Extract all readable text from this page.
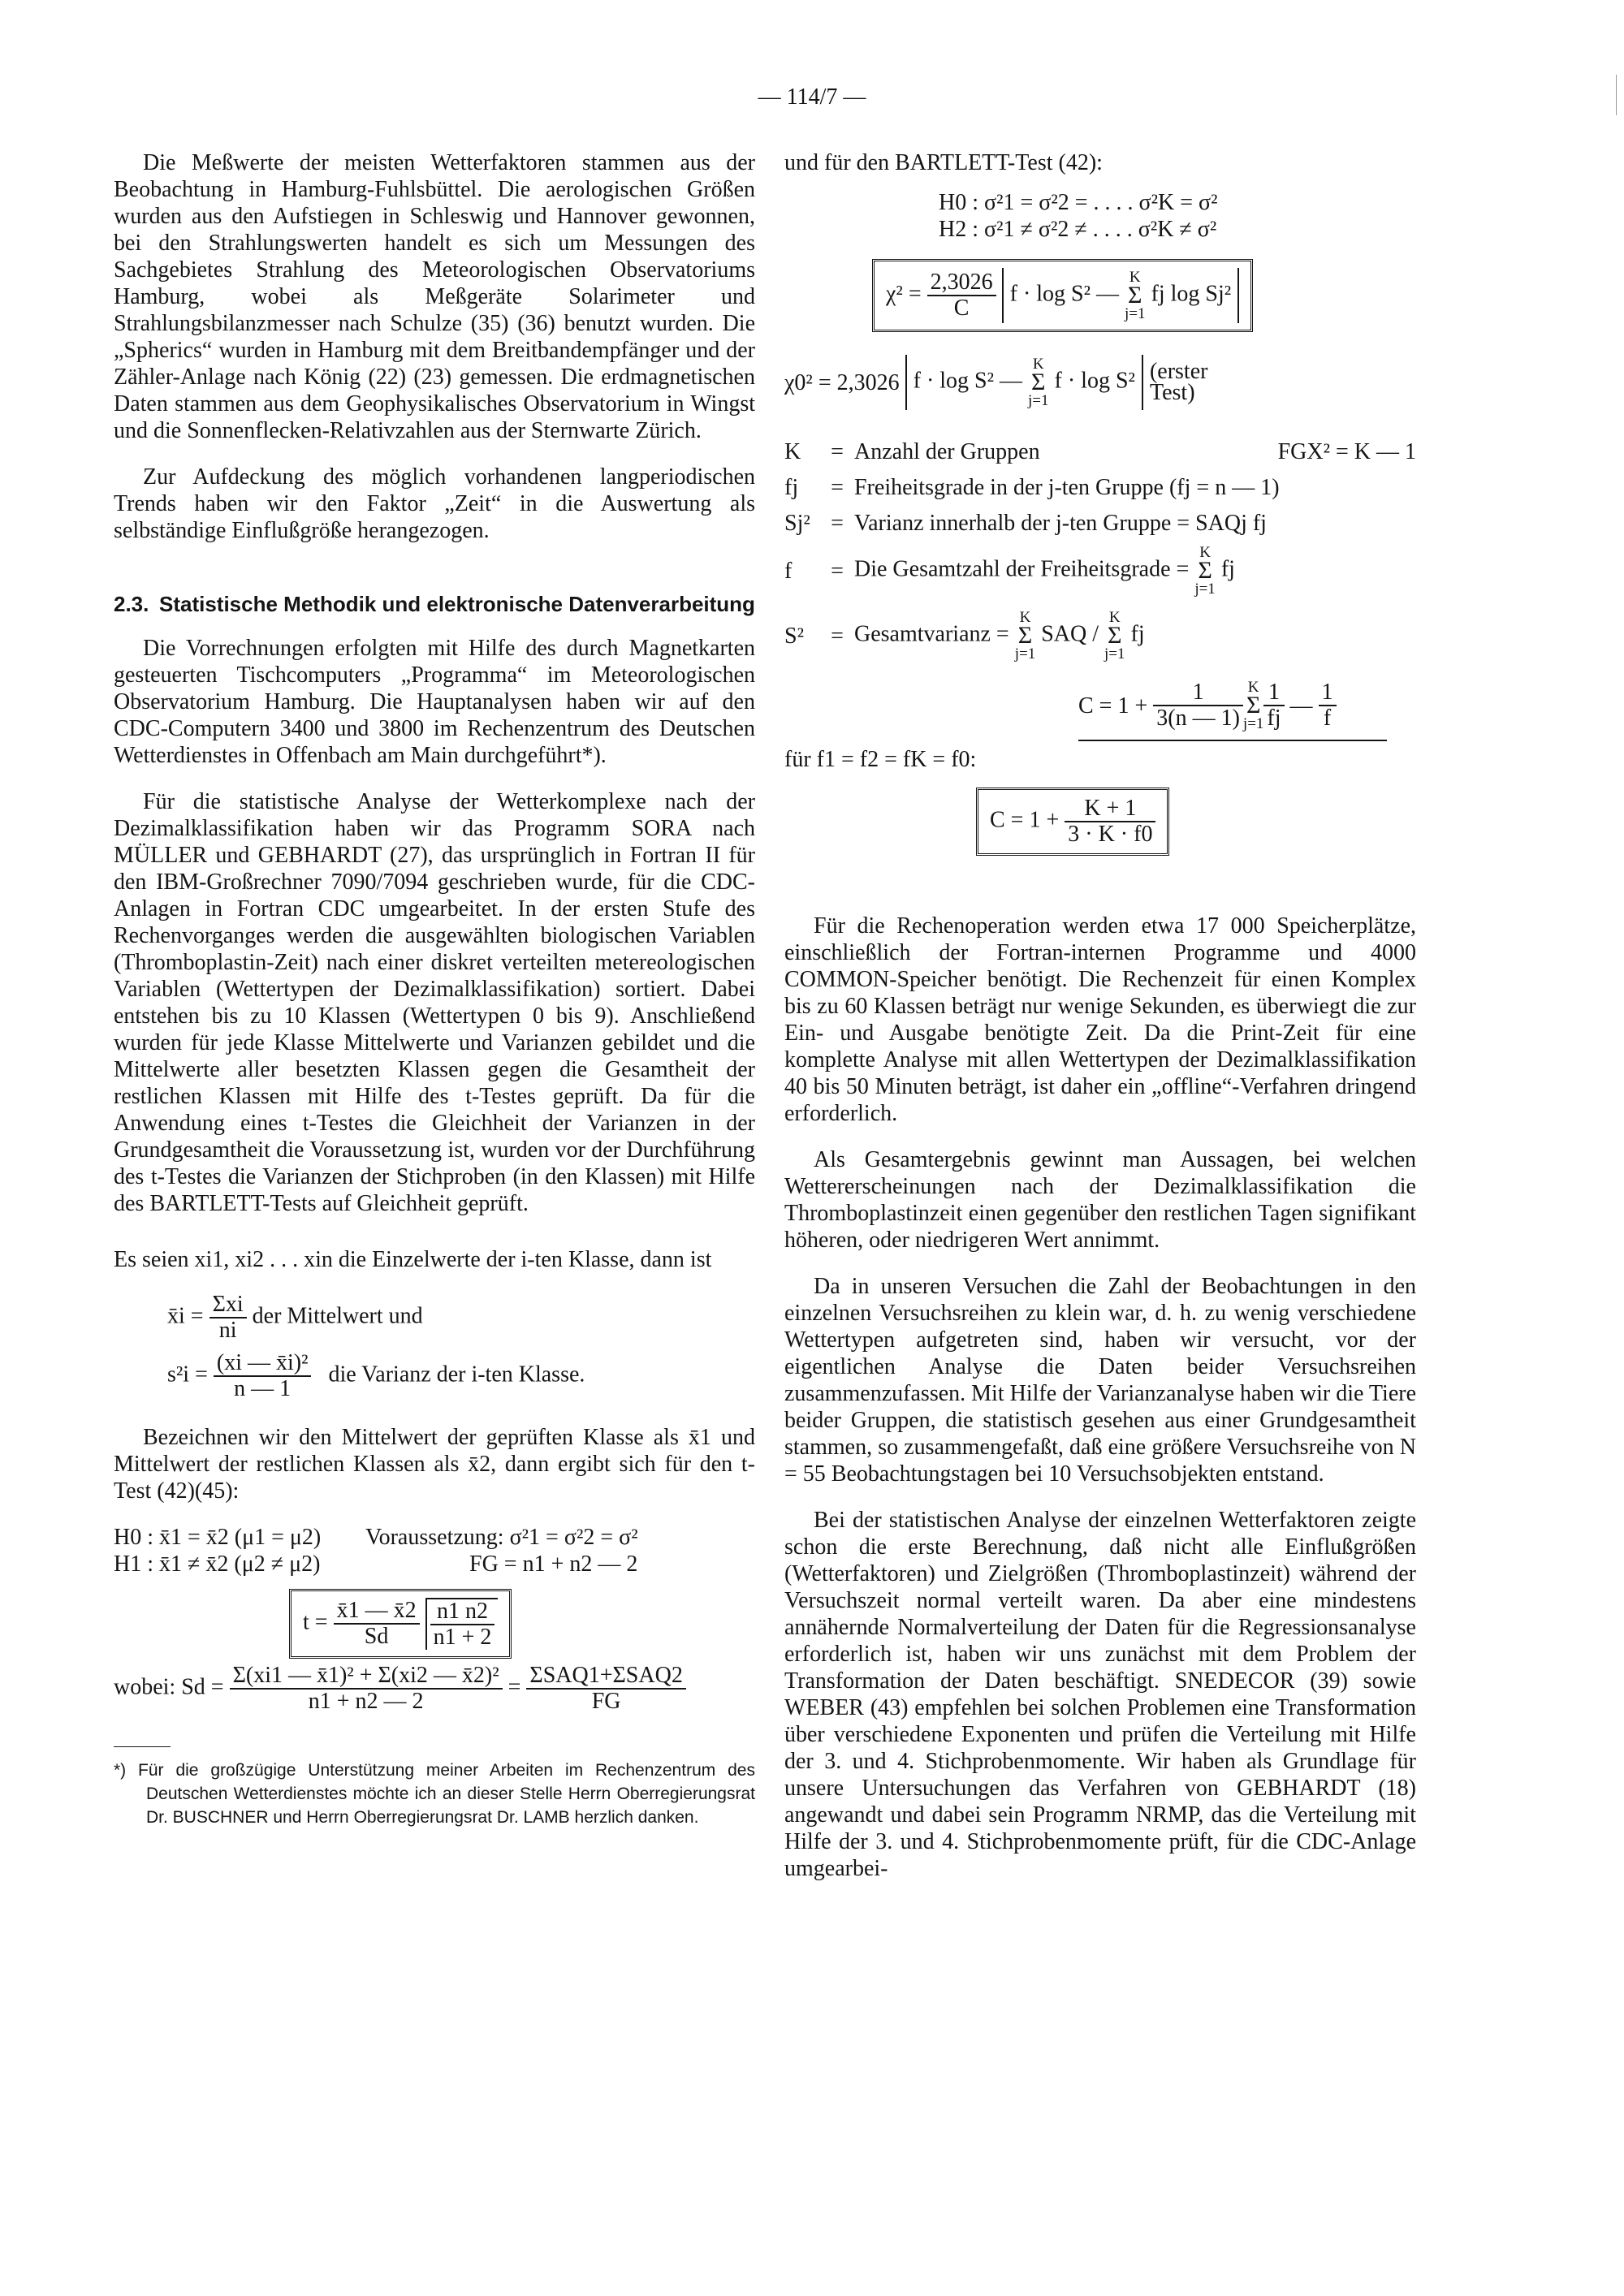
— 114/7 —

Die Meßwerte der meisten Wetterfaktoren stammen aus der Beobachtung in Hamburg-Fuhlsbüttel. Die aerologischen Größen wurden aus den Aufstiegen in Schleswig und Hannover gewonnen, bei den Strahlungswerten handelt es sich um Messungen des Sachgebietes Strahlung des Meteorologischen Observatoriums Hamburg, wobei als Meßgeräte Solarimeter und Strahlungsbilanzmesser nach Schulze (35) (36) benutzt wurden. Die „Spherics“ wurden in Hamburg mit dem Breitbandempfänger und der Zähler-Anlage nach König (22) (23) gemessen. Die erdmagnetischen Daten stammen aus dem Geophysikalisches Observatorium in Wingst und die Sonnenflecken-Relativzahlen aus der Sternwarte Zürich.

Zur Aufdeckung des möglich vorhandenen langperiodischen Trends haben wir den Faktor „Zeit“ in die Auswertung als selbständige Einflußgröße herangezogen.

2.3. Statistische Methodik und elektronische Datenverarbeitung

Die Vorrechnungen erfolgten mit Hilfe des durch Magnetkarten gesteuerten Tischcomputers „Programma“ im Meteorologischen Observatorium Hamburg. Die Hauptanalysen haben wir auf den CDC-Computern 3400 und 3800 im Rechenzentrum des Deutschen Wetterdienstes in Offenbach am Main durchgeführt*).

Für die statistische Analyse der Wetterkomplexe nach der Dezimalklassifikation haben wir das Programm SORA nach MÜLLER und GEBHARDT (27), das ursprünglich in Fortran II für den IBM-Großrechner 7090/7094 geschrieben wurde, für die CDC-Anlagen in Fortran CDC umgearbeitet. In der ersten Stufe des Rechenvorganges werden die ausgewählten biologischen Variablen (Thromboplastin-Zeit) nach einer diskret verteilten metereologischen Variablen (Wettertypen der Dezimalklassifikation) sortiert. Dabei entstehen bis zu 10 Klassen (Wettertypen 0 bis 9). Anschließend wurden für jede Klasse Mittelwerte und Varianzen gebildet und die Mittelwerte aller besetzten Klassen gegen die Gesamtheit der restlichen Klassen mit Hilfe des t-Testes geprüft. Da für die Anwendung eines t-Testes die Gleichheit der Varianzen in der Grundgesamtheit die Voraussetzung ist, wurden vor der Durchführung des t-Testes die Varianzen der Stichproben (in den Klassen) mit Hilfe des BARTLETT-Tests auf Gleichheit geprüft.

Es seien xi1, xi2 . . . xin die Einzelwerte der i-ten Klasse, dann ist

x̄i = $\frac{\text{Σxi}}{ni}$ der Mittelwert und
$s^2i = \frac{\text{(xi — x̄i)²}}{n — 1}$ die Varianz der i-ten Klasse.

Bezeichnen wir den Mittelwert der geprüften Klasse als x̄1 und Mittelwert der restlichen Klassen als x̄2, dann ergibt sich für den t-Test (42)(45):

H0 : x̄1 = x̄2 (μ1 = μ2)
H1 : x̄1 ≠ x̄2 (μ2 ≠ μ2)
Voraussetzung: σ²1 = σ²2 = σ²
FG = n1 + n2 — 2
$t = \frac{x̄1 — x̄2}{Sd}$
$\frac{n1 n2}{n1 + 2}$
wobei: $Sd = \frac{\text{Σ(xi1 — x̄1)² + Σ(xi2 — x̄2)²}}{n1 + n2 — 2} = \frac{\text{ΣSAQ1+ΣSAQ2}}{FG}$
*) Für die großzügige Unterstützung meiner Arbeiten im Rechenzentrum des Deutschen Wetterdienstes möchte ich an dieser Stelle Herrn Oberregierungsrat Dr. BUSCHNER und Herrn Oberregierungsrat Dr. LAMB herzlich danken.
und für den BARTLETT-Test (42):
H0 : σ²1 = σ²2 = . . . . σ²K = σ²
H2 : σ²1 ≠ σ²2 ≠ . . . . σ²K ≠ σ²
$\chi^2 = \frac{2,3026}{C}$ f · log S² —
K
Σ
j=1
fj log Sj²
χ0² = 2,3026
f · log S² —
K
Σ
j=1
f · log S² (erster Test)
K	= Anzahl der Gruppen	FGX² = K — 1
fj	= Freiheitsgrade in der j-ten Gruppe (fj = n — 1)
Sj² = Varianz innerhalb der j-ten Gruppe = SAQj fj
f	= Die Gesamtzahl der Freiheitsgrade =
K
Σ
j=1
fj
S²	= Gesamtvarianz =
K
Σ
j=1
SAQ /
K
Σ
j=1
fj
C = 1 +
$\frac{1}{3(n — 1)}$ K
Σ
$j=1 \frac{1}{fj}$
—
$\frac{1}{f}$
für f1 = f2 = fK = f0:
$C = 1 + \frac{K + 1}{3 \cdot K \cdot f0}$

Für die Rechenoperation werden etwa 17 000 Speicherplätze, einschließlich der Fortran-internen Programme und 4000 COMMON-Speicher benötigt. Die Rechenzeit für einen Komplex bis zu 60 Klassen beträgt nur wenige Sekunden, es überwiegt die zur Ein- und Ausgabe benötigte Zeit. Da die Print-Zeit für eine komplette Analyse mit allen Wettertypen der Dezimalklassifikation 40 bis 50 Minuten beträgt, ist daher ein „offline“-Verfahren dringend erforderlich.

Als Gesamtergebnis gewinnt man Aussagen, bei welchen Wettererscheinungen nach der Dezimalklassifikation die Thromboplastinzeit einen gegenüber den restlichen Tagen signifikant höheren, oder niedrigeren Wert annimmt.

Da in unseren Versuchen die Zahl der Beobachtungen in den einzelnen Versuchsreihen zu klein war, d. h. zu wenig verschiedene Wettertypen aufgetreten sind, haben wir versucht, vor der eigentlichen Analyse die Daten beider Versuchsreihen zusammenzufassen. Mit Hilfe der Varianzanalyse haben wir die Tiere beider Gruppen, die statistisch gesehen aus einer Grundgesamtheit stammen, so zusammengefaßt, daß eine größere Versuchsreihe von N = 55 Beobachtungstagen bei 10 Versuchsobjekten entstand.

Bei der statistischen Analyse der einzelnen Wetterfaktoren zeigte schon die erste Berechnung, daß nicht alle Einflußgrößen (Wetterfaktoren) und Zielgrößen (Thromboplastinzeit) während der Versuchszeit normal verteilt waren. Da aber eine mindestens annähernde Normalverteilung der Daten für die Regressionsanalyse erforderlich ist, haben wir uns zunächst mit dem Problem der Transformation der Daten beschäftigt. SNEDECOR (39) sowie WEBER (43) empfehlen bei solchen Problemen eine Transformation über verschiedene Exponenten und prüfen die Verteilung mit Hilfe der 3. und 4. Stichprobenmomente. Wir haben als Grundlage für unsere Untersuchungen das Verfahren von GEBHARDT (18) angewandt und dabei sein Programm NRMP, das die Verteilung mit Hilfe der 3. und 4. Stichprobenmomente prüft, für die CDC-Anlage umgearbei-
